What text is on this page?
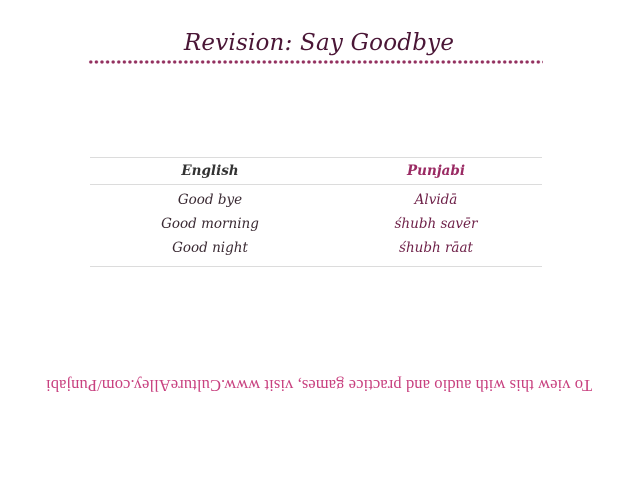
Revision: Say Goodbye
English	Punjabi
Good bye	Alvidā
Good morning	śhubh savēr
Good night	śhubh rāat
To view this with audio and practice games, visit www.CultureAlley.com/Punjabi
